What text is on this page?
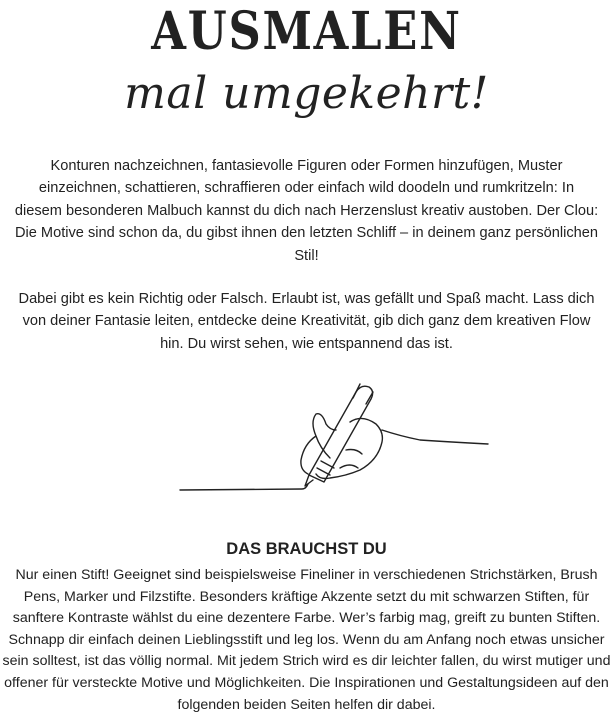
AUSMALEN
mal umgekehrt!

Konturen nachzeichnen, fantasievolle Figuren oder Formen hinzufügen, Muster einzeichnen, schattieren, schraffieren oder einfach wild doodeln und rumkritzeln: In diesem besonderen Malbuch kannst du dich nach Herzenslust kreativ austoben. Der Clou: Die Motive sind schon da, du gibst ihnen den letzten Schliff – in deinem ganz persönlichen Stil!

Dabei gibt es kein Richtig oder Falsch. Erlaubt ist, was gefällt und Spaß macht. Lass dich von deiner Fantasie leiten, entdecke deine Kreativität, gib dich ganz dem kreativen Flow hin. Du wirst sehen, wie entspannend das ist.

DAS BRAUCHST DU

Nur einen Stift! Geeignet sind beispielsweise Fineliner in verschiedenen Strichstärken, Brush Pens, Marker und Filzstifte. Besonders kräftige Akzente setzt du mit schwarzen Stiften, für sanftere Kontraste wählst du eine dezentere Farbe. Wer’s farbig mag, greift zu bunten Stiften. Schnapp dir einfach deinen Lieblingsstift und leg los. Wenn du am Anfang noch etwas unsicher sein solltest, ist das völlig normal. Mit jedem Strich wird es dir leichter fallen, du wirst mutiger und offener für versteckte Motive und Möglichkeiten. Die Inspirationen und Gestaltungsideen auf den folgenden beiden Seiten helfen dir dabei.
